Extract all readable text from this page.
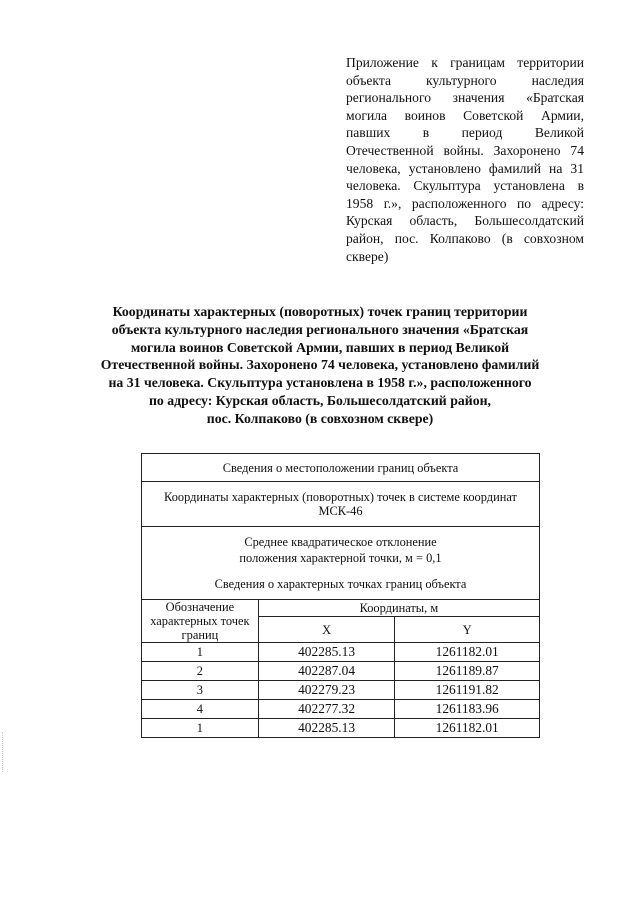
Приложение к границам территории объекта культурного наследия регионального значения «Братская могила воинов Советской Армии, павших в период Великой Отечественной войны. Захоронено 74 человека, установлено фамилий на 31 человека. Скульптура установлена в 1958 г.», расположенного по адресу: Курская область, Большесолдатский район, пос. Колпаково (в совхозном сквере)
Координаты характерных (поворотных) точек границ территории
объекта культурного наследия регионального значения «Братская
могила воинов Советской Армии, павших в период Великой
Отечественной войны. Захоронено 74 человека, установлено фамилий
на 31 человека. Скульптура установлена в 1958 г.», расположенного
по адресу: Курская область, Большесолдатский район,
пос. Колпаково (в совхозном сквере)
Сведения о местоположении границ объекта		
Координаты характерных (поворотных) точек в системе координат МСК-46		

Среднее квадратическое отклонение
положения характерной точки, м = 0,1
Сведения о характерных точках границ объекта		

Обозначение характерных точек границ	Координаты, м	
	X	Y
1	402285.13	1261182.01
2	402287.04	1261189.87
3	402279.23	1261191.82
4	402277.32	1261183.96
1	402285.13	1261182.01
